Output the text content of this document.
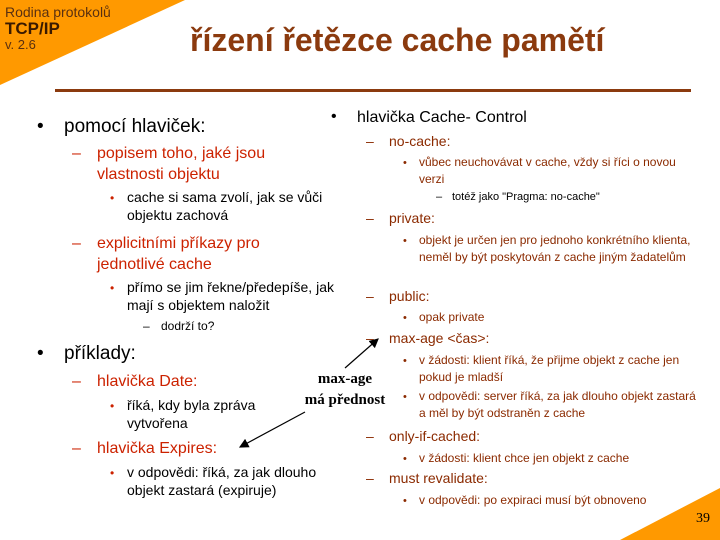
Rodina protokolů
TCP/IP
v. 2.6	řízení řetězce cache pamětí
• pomocí hlaviček:
– popisem toho, jaké jsou vlastnosti objektu
• cache si sama zvolí, jak se vůči objektu zachová
– explicitními příkazy pro jednotlivé cache
• přímo se jim řekne/předepíše, jak mají s objektem naložit
– dodrží to?
• příklady:
– hlavička Date:
• říká, kdy byla zpráva vytvořena
– hlavička Expires:
• v odpovědi: říká, za jak dlouho objekt zastará (expiruje)
• hlavička Cache- Control
– no-cache:
• vůbec neuchovávat v cache, vždy si říci o novou verzi
– totéž jako "Pragma: no-cache"
– private:
• objekt je určen jen pro jednoho konkrétního klienta, neměl by být poskytován z cache jiným žadatelům
– public:
• opak private
– max-age <čas>:
• v žádosti: klient říká, že přijme objekt z cache jen pokud je mladší
• v odpovědi: server říká, za jak dlouho objekt zastará a měl by být odstraněn z cache
– only-if-cached:
• v žádosti: klient chce jen objekt z cache
– must revalidate:
• v odpovědi: po expiraci musí být obnoveno
max-age
má přednost
39
